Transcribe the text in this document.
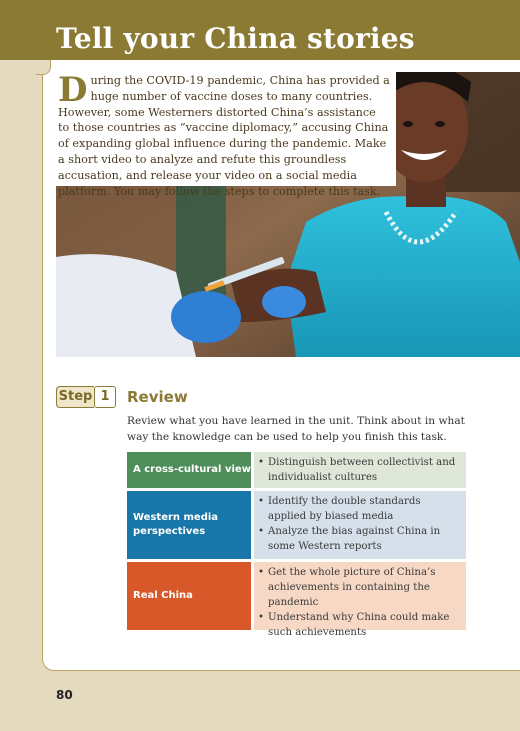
Tell your China stories

During the COVID-19 pandemic, China has provided a huge number of vaccine doses to many countries. However, some Westerners distorted China’s assistance to those countries as “vaccine diplomacy,” accusing China of expanding global influence during the pandemic. Make a short video to analyze and refute this groundless accusation, and release your video on a social media platform. You may follow the steps to complete this task.

Step 1	Review

Review what you have learned in the unit. Think about in what way the knowledge can be used to help you finish this task.

A cross-cultural view
• Distinguish between collectivist and individualist cultures
Western media perspectives
• Identify the double standards applied by biased media
• Analyze the bias against China in some Western reports
Real China
• Get the whole picture of China’s achievements in containing the pandemic
• Understand why China could make such achievements
80
